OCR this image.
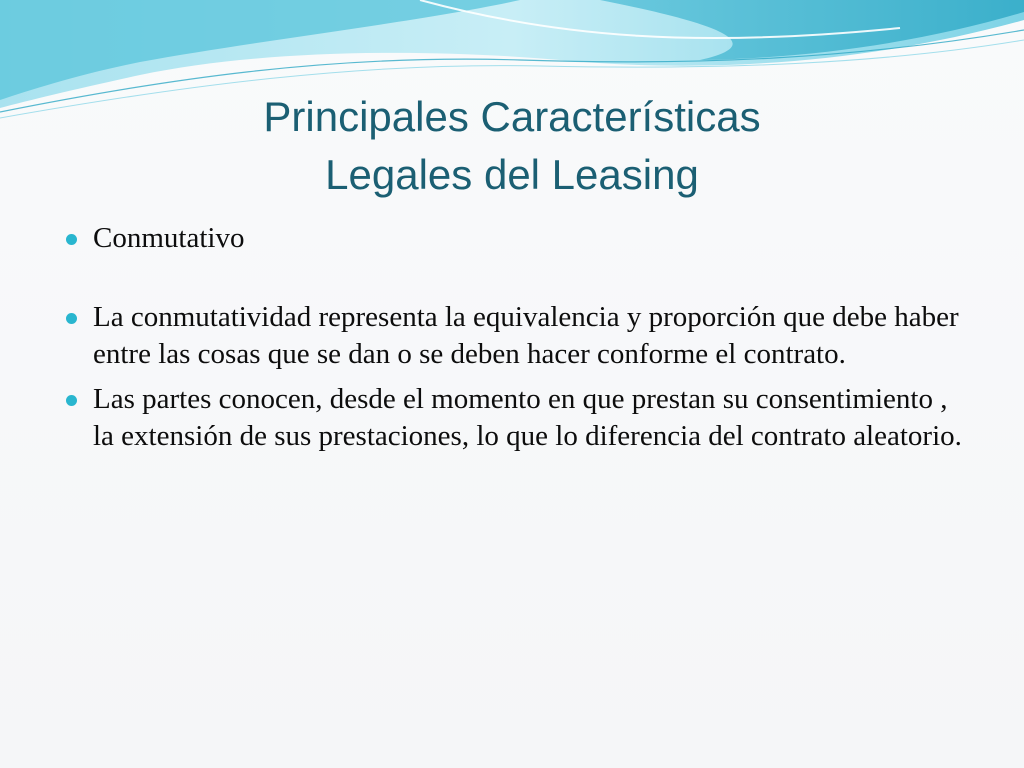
Principales Características
Legales del Leasing
Conmutativo
La conmutatividad representa la equivalencia y proporción que debe haber entre las cosas que se dan o se deben hacer conforme el contrato.
Las partes conocen, desde el momento en que prestan su consentimiento , la extensión de sus prestaciones, lo que lo diferencia del contrato aleatorio.
